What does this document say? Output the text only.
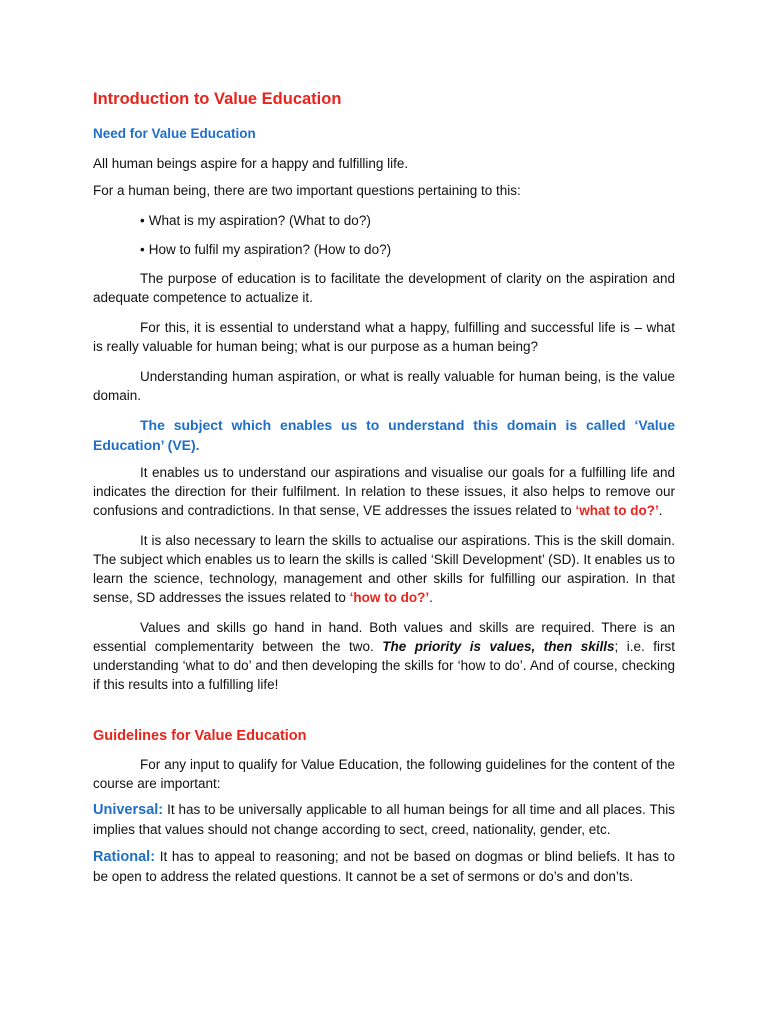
Introduction to Value Education
Need for Value Education

All human beings aspire for a happy and fulfilling life.

For a human being, there are two important questions pertaining to this:

• What is my aspiration? (What to do?)
• How to fulfil my aspiration? (How to do?)

The purpose of education is to facilitate the development of clarity on the aspiration and adequate competence to actualize it.

For this, it is essential to understand what a happy, fulfilling and successful life is – what is really valuable for human being; what is our purpose as a human being?

Understanding human aspiration, or what is really valuable for human being, is the value domain.

The subject which enables us to understand this domain is called ‘Value Education’ (VE).

It enables us to understand our aspirations and visualise our goals for a fulfilling life and indicates the direction for their fulfilment. In relation to these issues, it also helps to remove our confusions and contradictions. In that sense, VE addresses the issues related to ‘what to do?’.

It is also necessary to learn the skills to actualise our aspirations. This is the skill domain. The subject which enables us to learn the skills is called ‘Skill Development’ (SD). It enables us to learn the science, technology, management and other skills for fulfilling our aspiration. In that sense, SD addresses the issues related to ‘how to do?’.

Values and skills go hand in hand. Both values and skills are required. There is an essential complementarity between the two. The priority is values, then skills; i.e. first understanding ‘what to do’ and then developing the skills for ‘how to do’. And of course, checking if this results into a fulfilling life!

Guidelines for Value Education

For any input to qualify for Value Education, the following guidelines for the content of the course are important:

Universal: It has to be universally applicable to all human beings for all time and all places. This implies that values should not change according to sect, creed, nationality, gender, etc.

Rational: It has to appeal to reasoning; and not be based on dogmas or blind beliefs. It has to be open to address the related questions. It cannot be a set of sermons or do’s and don’ts.
